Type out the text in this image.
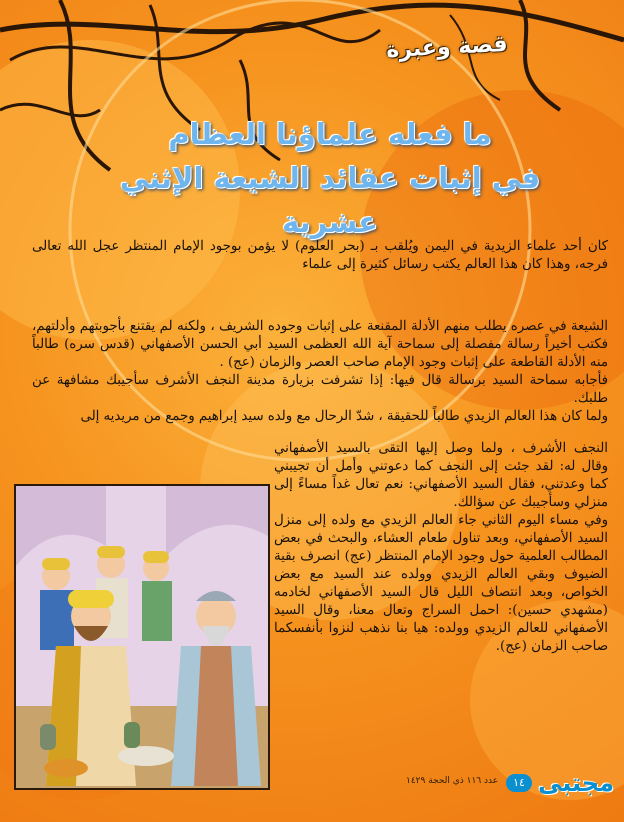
قصة وعبرة
ما فعله علماؤنا العظام
في إثبات عقائد الشيعة الإثني عشرية
كان أحد علماء الزيدية في اليمن ويُلقب بـ (بحر العلوم) لا يؤمن بوجود الإمام المنتظر عجل الله تعالى فرجه، وهذا كان هذا العالم يكتب رسائل كثيرة إلى علماء
الشيعة في عصره يطلب منهم الأدلة المقنعة على إثبات وجوده الشريف ، ولكنه لم يقتنع بأجوبتهم وأدلتهم، فكتب أخيراً رسالة مفصلة إلى سماحة آية الله العظمى السيد أبي الحسن الأصفهاني (قدس سره) طالباً منه الأدلة القاطعة على إثبات وجود الإمام صاحب العصر والزمان (عج) .
فأجابه سماحة السيد برسالة قال فيها: إذا تشرفت بزيارة مدينة النجف الأشرف سأجيبك مشافهة عن طلبك.
ولما كان هذا العالم الزيدي طالباً للحقيقة ، شدّ الرحال مع ولده سيد إبراهيم وجمع من مريديه إلى
النجف الأشرف ، ولما وصل إليها التقى بالسيد الأصفهاني وقال له: لقد جئت إلى النجف كما دعوتني وأمل أن تجيبني كما وعدتني، فقال السيد الأصفهاني: نعم تعال غداً مساءً إلى منزلي وسأجيبك عن سؤالك.
وفي مساء اليوم الثاني جاء العالم الزيدي مع ولده إلى منزل السيد الأصفهاني، وبعد تناول طعام العشاء، والبحث في بعض المطالب العلمية حول وجود الإمام المنتظر (عج) انصرف بقية الضيوف وبقي العالم الزيدي وولده عند السيد مع بعض الخواص، وبعد انتصاف الليل قال السيد الأصفهاني لخادمه (مشهدي حسين): احمل السراج وتعال معنا، وقال السيد الأصفهاني للعالم الزيدي وولده: هيا بنا نذهب لنزوا بأنفسكما صاحب الزمان (عج).
مجتبى
١٤
عدد ١١٦ ذي الحجة ١٤٢٩
